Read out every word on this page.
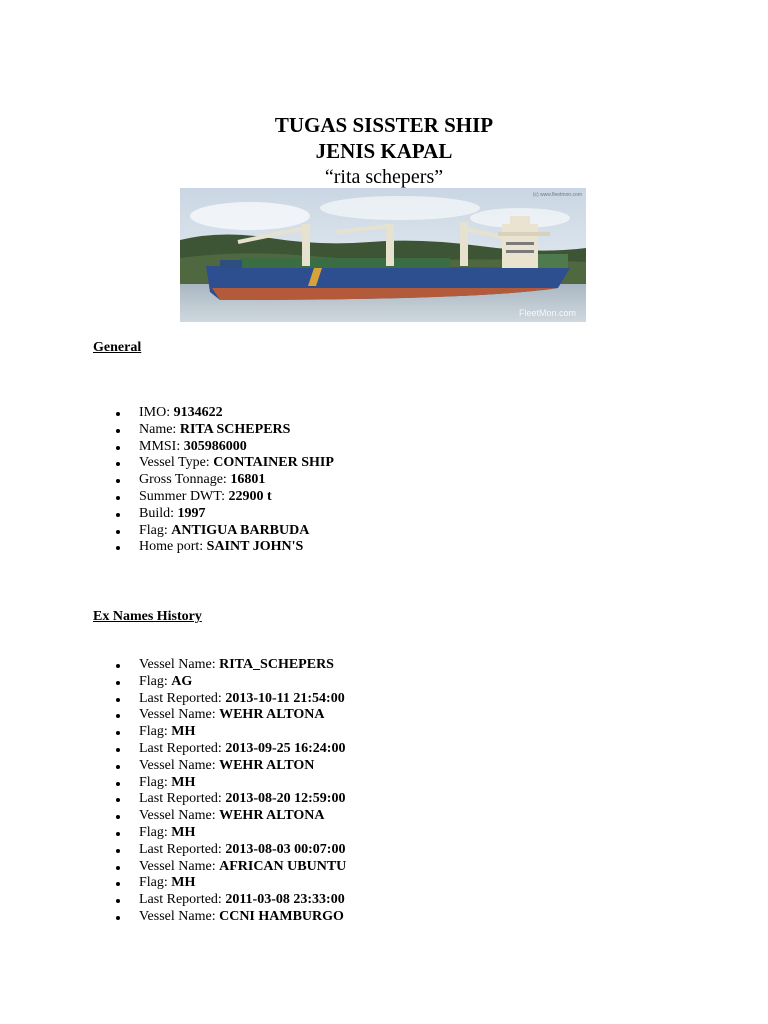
TUGAS SISSTER SHIP
JENIS KAPAL
“rita schepers”
FleetMon.com
(c) www.fleetmon.com
General
IMO: 9134622
Name: RITA SCHEPERS
MMSI: 305986000
Vessel Type: CONTAINER SHIP
Gross Tonnage: 16801
Summer DWT: 22900 t
Build: 1997
Flag: ANTIGUA BARBUDA
Home port: SAINT JOHN'S
Ex Names History
Vessel Name: RITA_SCHEPERS
Flag: AG
Last Reported: 2013-10-11 21:54:00
Vessel Name: WEHR ALTONA
Flag: MH
Last Reported: 2013-09-25 16:24:00
Vessel Name: WEHR ALTON
Flag: MH
Last Reported: 2013-08-20 12:59:00
Vessel Name: WEHR ALTONA
Flag: MH
Last Reported: 2013-08-03 00:07:00
Vessel Name: AFRICAN UBUNTU
Flag: MH
Last Reported: 2011-03-08 23:33:00
Vessel Name: CCNI HAMBURGO
